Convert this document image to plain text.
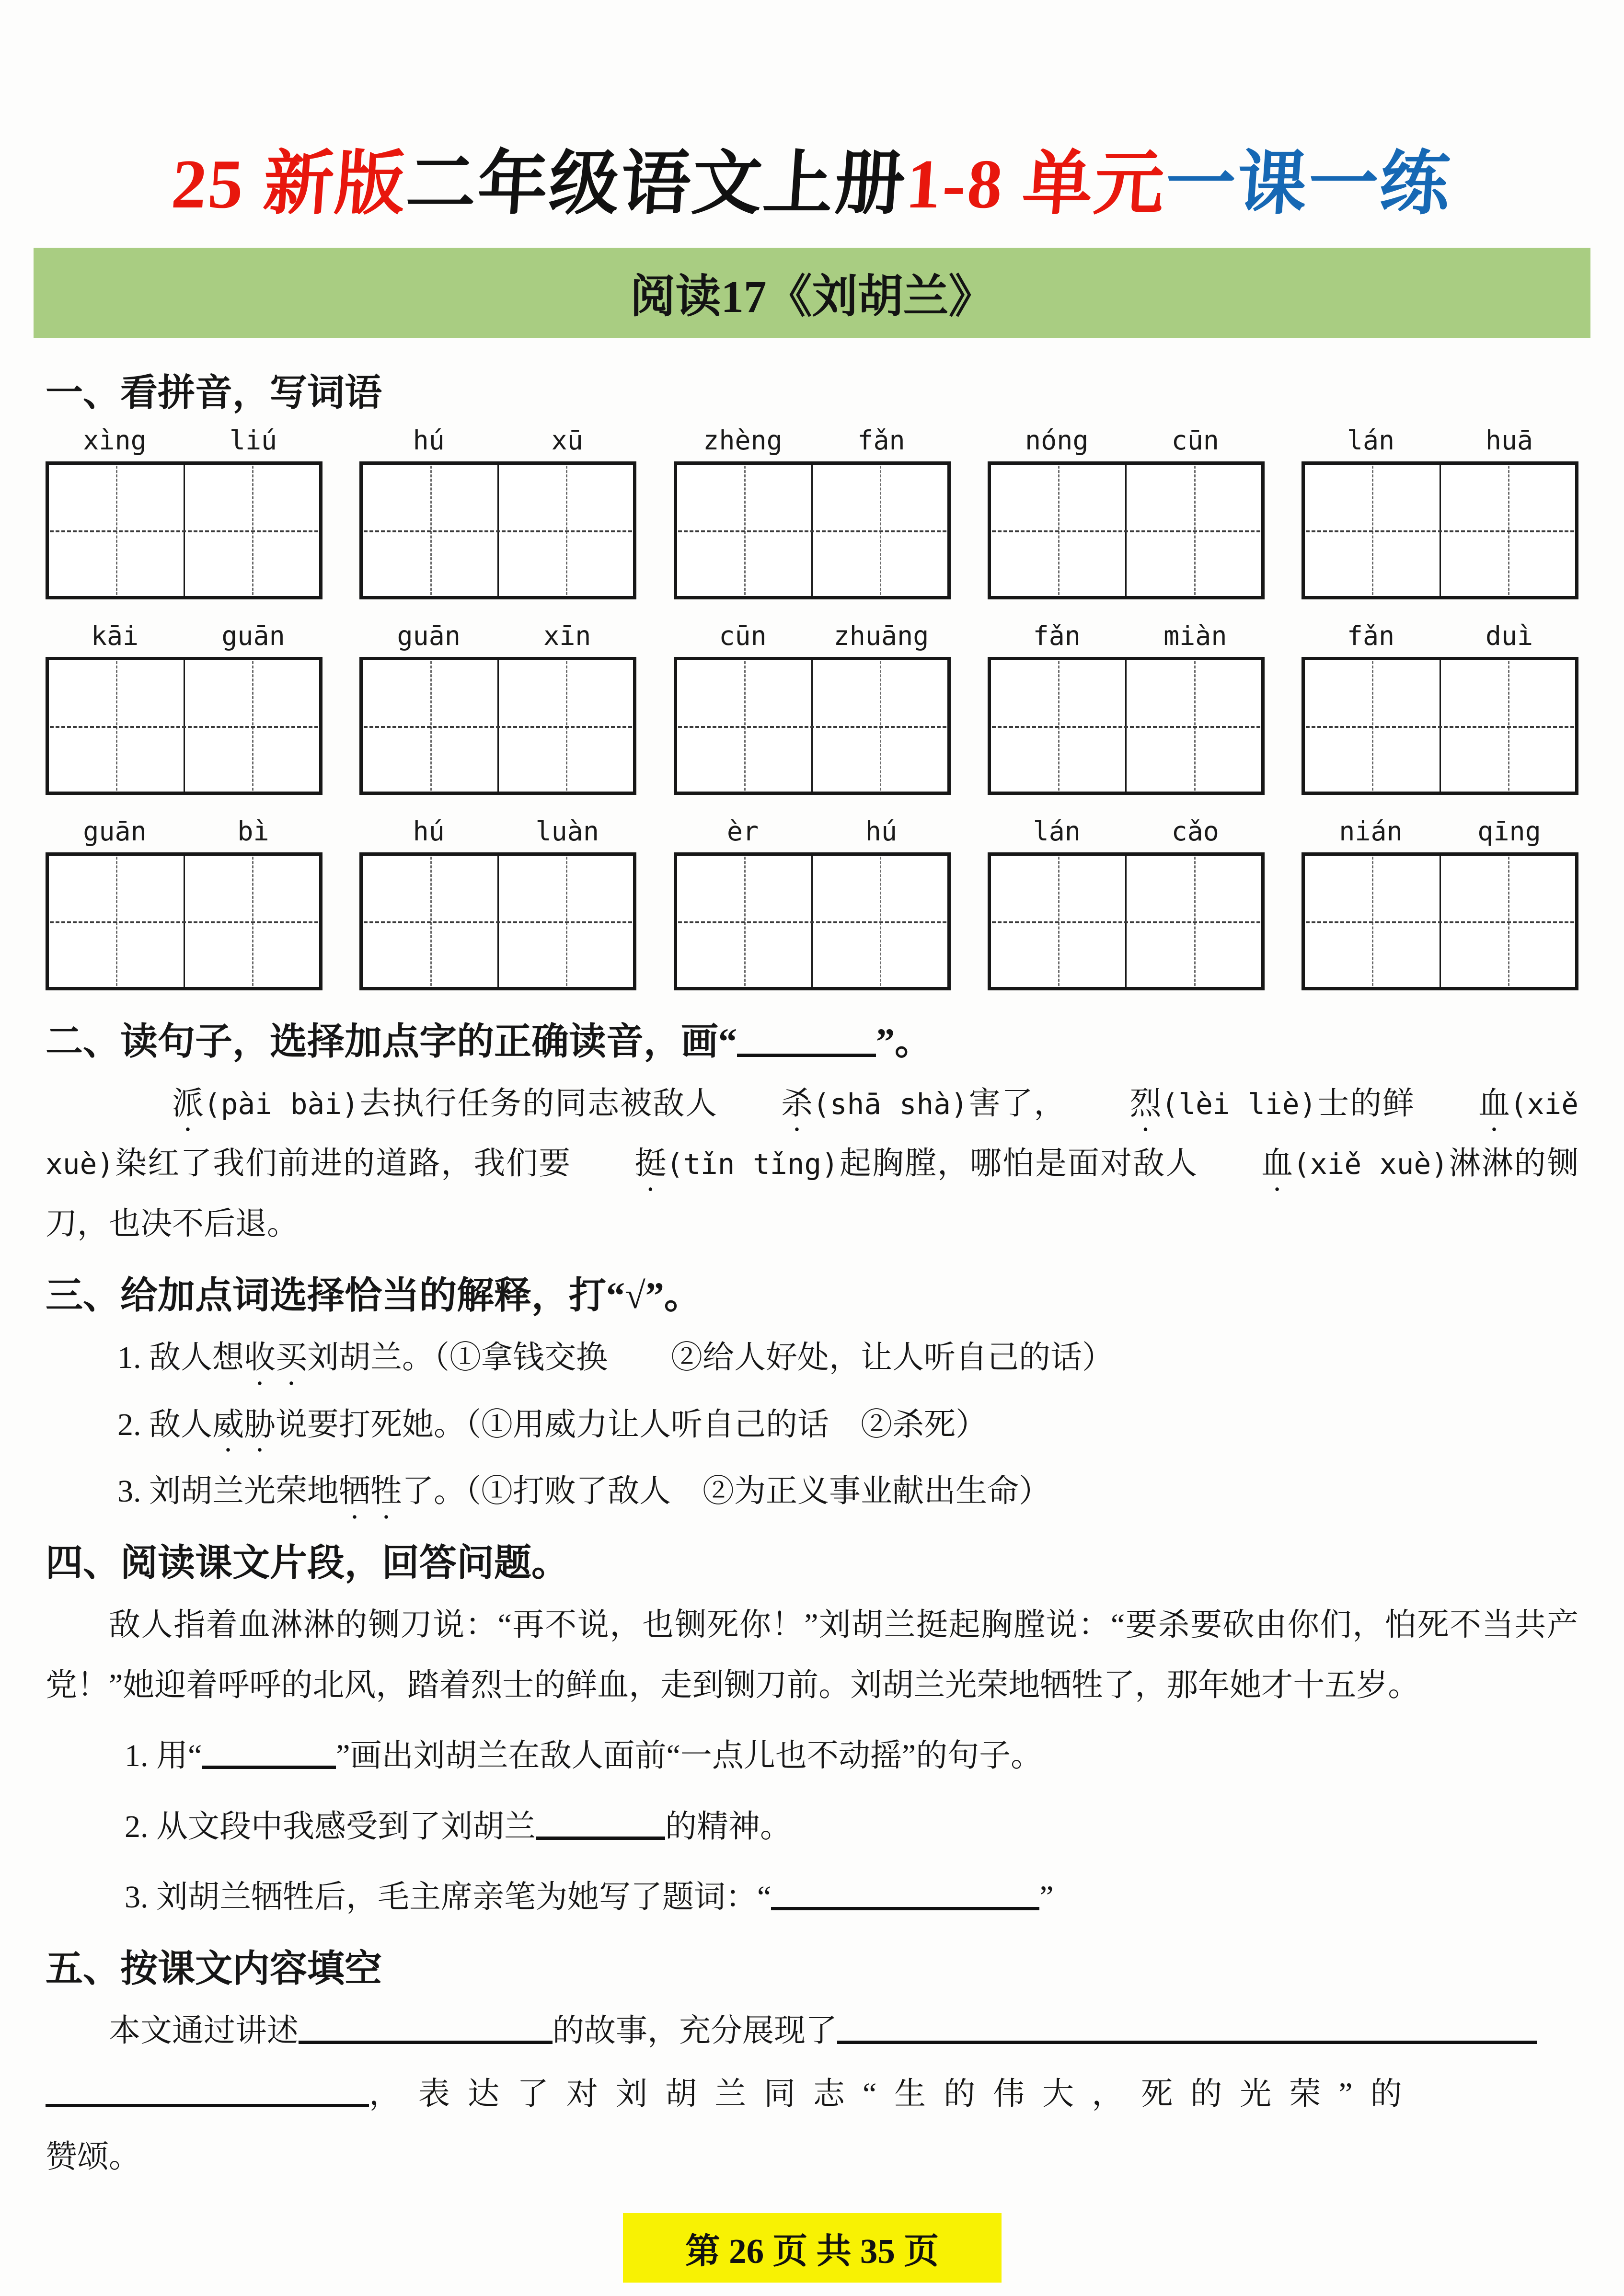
25 新版二年级语文上册1-8 单元一课一练
阅读17《刘胡兰》
一、看拼音，写词语
xìng	liú	hú	xū	zhèng	fǎn	nóng	cūn	lán	huā
kāi	guān	guān	xīn	cūn	zhuāng	fǎn	miàn	fǎn	duì
guān	bì	hú	luàn	èr	hú	lán	cǎo	nián	qīng
二、读句子，选择加点字的正确读音，画“	”。

派(pài bài)去执行任务的同志被敌人 杀(shā shà)害了， 烈(lèi liè)士的鲜 血(xiě xuè)染红了我们前进的道路，我们要 挺(tǐn tǐng)起胸膛，哪怕是面对敌人 血(xiě xuè)淋淋的铡刀，也决不后退。

三、给加点词选择恰当的解释，打“√”。

1. 敌人想收买刘胡兰。（①拿钱交换　　②给人好处，让人听自己的话）

2. 敌人威胁说要打死她。（①用威力让人听自己的话　②杀死）

3. 刘胡兰光荣地牺牲了。（①打败了敌人　②为正义事业献出生命）

四、阅读课文片段，回答问题。

敌人指着血淋淋的铡刀说：“再不说，也铡死你！”刘胡兰挺起胸膛说：“要杀要砍由你们，怕死不当共产党！”她迎着呼呼的北风，踏着烈士的鲜血，走到铡刀前。刘胡兰光荣地牺牲了，那年她才十五岁。

1. 用“	”画出刘胡兰在敌人面前“一点儿也不动摇”的句子。

2. 从文段中我感受到了刘胡兰	的精神。

3. 刘胡兰牺牲后，毛主席亲笔为她写了题词：“	”

五、按课文内容填空

本文通过讲述	的故事，充分展现了

，表达了对刘胡兰同志“生的伟大，死的光荣”的

赞颂。

第 26 页 共 35 页
